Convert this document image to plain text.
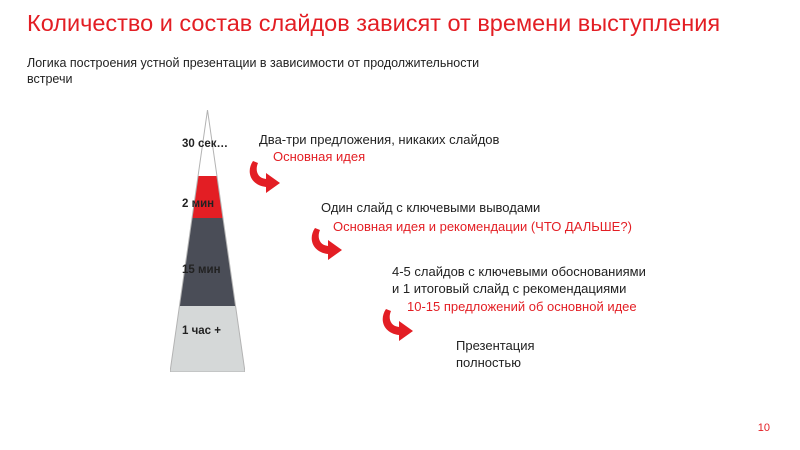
Количество и состав слайдов зависят от времени выступления
Логика построения устной презентации в зависимости от продолжительности встречи
30 сек…
2 мин
15 мин
1 час +
Два-три предложения, никаких слайдов
Основная идея
Один слайд с ключевыми выводами
Основная идея и рекомендации (ЧТО ДАЛЬШЕ?)
4-5 слайдов с ключевыми обоснованиями
и 1 итоговый слайд с рекомендациями
10-15 предложений об основной идее
Презентация
полностью
10
